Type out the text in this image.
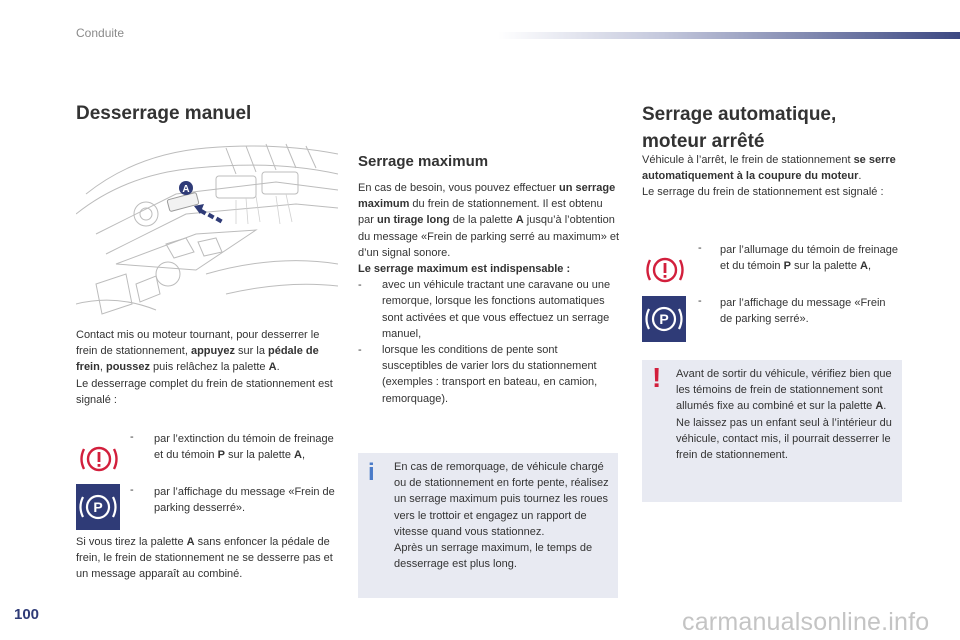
Conduite
Desserrage manuel
A

Contact mis ou moteur tournant, pour desserrer le frein de stationnement, appuyez sur la pédale de frein, poussez puis relâchez la palette A.

Le desserrage complet du frein de stationnement est signalé :

- par l’extinction du témoin de freinage et du témoin P sur la palette A,
P
- par l’affichage du message «Frein de parking desserré».

Si vous tirez la palette A sans enfoncer la pédale de frein, le frein de stationnement ne se desserre pas et un message apparaît au combiné.

Serrage maximum

En cas de besoin, vous pouvez effectuer un serrage maximum du frein de stationnement. Il est obtenu par un tirage long de la palette A jusqu’à l’obtention du message «Frein de parking serré au maximum» et d’un signal sonore.

Le serrage maximum est indispensable :

- avec un véhicule tractant une caravane ou une remorque, lorsque les fonctions automatiques sont activées et que vous effectuez un serrage manuel,
- lorsque les conditions de pente sont susceptibles de varier lors du stationnement (exemples : transport en bateau, en camion, remorquage).
i En cas de remorquage, de véhicule chargé ou de stationnement en forte pente, réalisez un serrage maximum puis tournez les roues vers le trottoir et engagez un rapport de vitesse quand vous stationnez.

Après un serrage maximum, le temps de desserrage est plus long.

Serrage automatique,
moteur arrêté

Véhicule à l’arrêt, le frein de stationnement se serre automatiquement à la coupure du moteur.

Le serrage du frein de stationnement est signalé :

- par l’allumage du témoin de freinage et du témoin P sur la palette A,
P
- par l’affichage du message «Frein de parking serré».
! Avant de sortir du véhicule, vérifiez bien que les témoins de frein de stationnement sont allumés fixe au combiné et sur la palette A.

Ne laissez pas un enfant seul à l’intérieur du véhicule, contact mis, il pourrait desserrer le frein de stationnement.

100	carmanualsonline.info
